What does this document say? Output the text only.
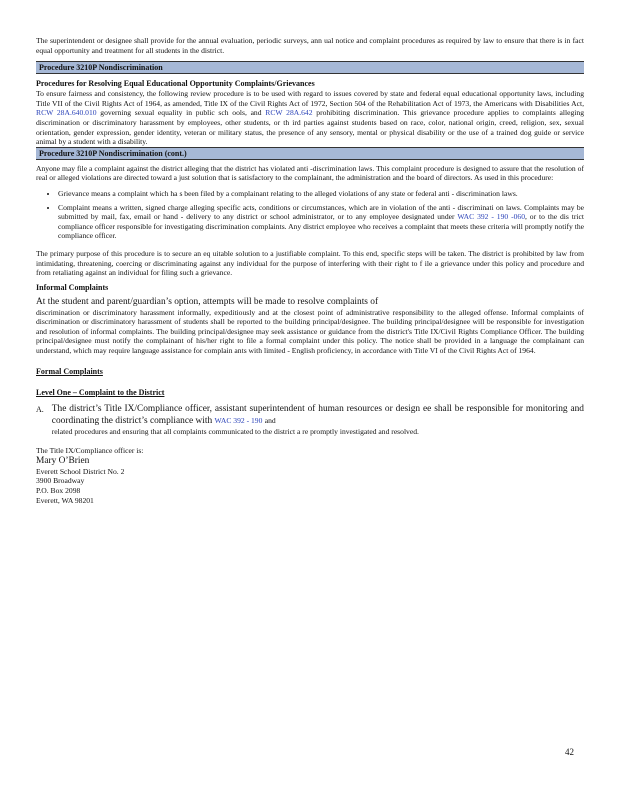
The superintendent or designee shall provide for the annual evaluation, periodic surveys, ann ual notice and complaint procedures as required by law to ensure that there is in fact equal opportunity and treatment for all students in the district.

Procedure 3210P Nondiscrimination
Procedures for Resolving Equal Educational Opportunity Complaints/Grievances

To ensure fairness and consistency, the following review procedure is to be used with regard to issues covered by state and federal equal educational opportunity laws, including Title VII of the Civil Rights Act of 1964, as amended, Title IX of the Civil Rights Act of 1972, Section 504 of the Rehabilitation Act of 1973, the Americans with Disabilities Act, RCW 28A.640.010 governing sexual equality in public sch ools, and RCW 28A.642 prohibiting discrimination. This grievance procedure applies to complaints alleging discrimination or discriminatory harassment by employees, other students, or th ird parties against students based on race, color, national origin, creed, religion, sex, sexual orientation, gender expression, gender identity, veteran or military status, the presence of any sensory, mental or physical disability or the use of a trained dog guide or service animal by a student with a disability.

Procedure 3210P Nondiscrimination (cont.)

Anyone may file a complaint against the district alleging that the district has violated anti -discrimination laws. This complaint procedure is designed to assure that the resolution of real or alleged violations are directed toward a just solution that is satisfactory to the complainant, the administration and the board of directors. As used in this procedure:

• Grievance means a complaint which ha s been filed by a complainant relating to the alleged violations of any state or federal anti - discrimination laws.
• Complaint means a written, signed charge alleging specific acts, conditions or circumstances, which are in violation of the anti - discriminati on laws. Complaints may be submitted by mail, fax, email or hand - delivery to any district or school administrator, or to any employee designated under WAC 392 - 190 -060, or to the dis trict compliance officer responsible for investigating discrimination complaints. Any district employee who receives a complaint that meets these criteria will promptly notify the compliance officer.

The primary purpose of this procedure is to secure an eq uitable solution to a justifiable complaint. To this end, specific steps will be taken. The district is prohibited by law from intimidating, threatening, coercing or discriminating against any individual for the purpose of interfering with their right to f ile a grievance under this policy and procedure and from retaliating against an individual for filing such a grievance.

Informal Complaints

At the student and parent/guardian’s option, attempts will be made to resolve complaints of

discrimination or discriminatory harassment informally, expeditiously and at the closest point of administrative responsibility to the alleged offense. Informal complaints of discrimination or discriminatory harassment of students shall be reported to the building principal/designee. The building principal/designee will be responsible for investigation and resolution of informal complaints. The building principal/designee may seek assistance or guidance from the district's Title IX/Civil Rights Compliance Officer. The building principal/designee must notify the complainant of his/her right to file a formal complaint under this policy. The notice shall be provided in a language the complainant can understand, which may require language assistance for complain ants with limited - English proficiency, in accordance with Title VI of the Civil Rights Act of 1964.

Formal Complaints
Level One – Complaint to the District
A. The district’s Title IX/Compliance officer, assistant superintendent of human resources or design ee shall be responsible for monitoring and coordinating the district’s compliance with WAC 392 - 190 and

related procedures and ensuring that all complaints communicated to the district a re promptly investigated and resolved.

The Title IX/Compliance officer is:

Mary O’Brien

Everett School District No. 2

3900 Broadway

P.O. Box 2098

Everett, WA 98201

42
